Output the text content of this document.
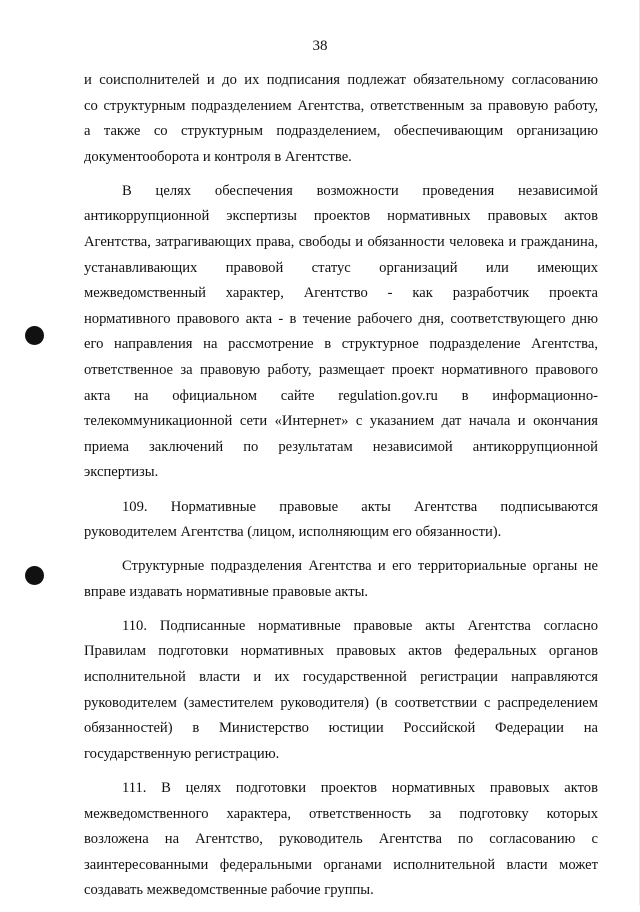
38
и соисполнителей и до их подписания подлежат обязательному согласованию
со структурным подразделением Агентства, ответственным за правовую работу,
а также со структурным подразделением, обеспечивающим организацию
документооборота и контроля в Агентстве.
В целях обеспечения возможности проведения независимой
антикоррупционной экспертизы проектов нормативных правовых актов
Агентства, затрагивающих права, свободы и обязанности человека и гражданина,
устанавливающих правовой статус организаций или имеющих
межведомственный характер, Агентство - как разработчик проекта
нормативного правового акта - в течение рабочего дня, соответствующего дню
его направления на рассмотрение в структурное подразделение Агентства,
ответственное за правовую работу, размещает проект нормативного правового
акта на официальном сайте regulation.gov.ru в информационно-
телекоммуникационной сети «Интернет» с указанием дат начала и окончания
приема заключений по результатам независимой антикоррупционной
экспертизы.
109. Нормативные правовые акты Агентства подписываются
руководителем Агентства (лицом, исполняющим его обязанности).
Структурные подразделения Агентства и его территориальные органы не
вправе издавать нормативные правовые акты.
110. Подписанные нормативные правовые акты Агентства согласно
Правилам подготовки нормативных правовых актов федеральных органов
исполнительной власти и их государственной регистрации направляются
руководителем (заместителем руководителя) (в соответствии с распределением
обязанностей) в Министерство юстиции Российской Федерации на
государственную регистрацию.
111. В целях подготовки проектов нормативных правовых актов
межведомственного характера, ответственность за подготовку которых
возложена на Агентство, руководитель Агентства по согласованию с
заинтересованными федеральными органами исполнительной власти может
создавать межведомственные рабочие группы.
